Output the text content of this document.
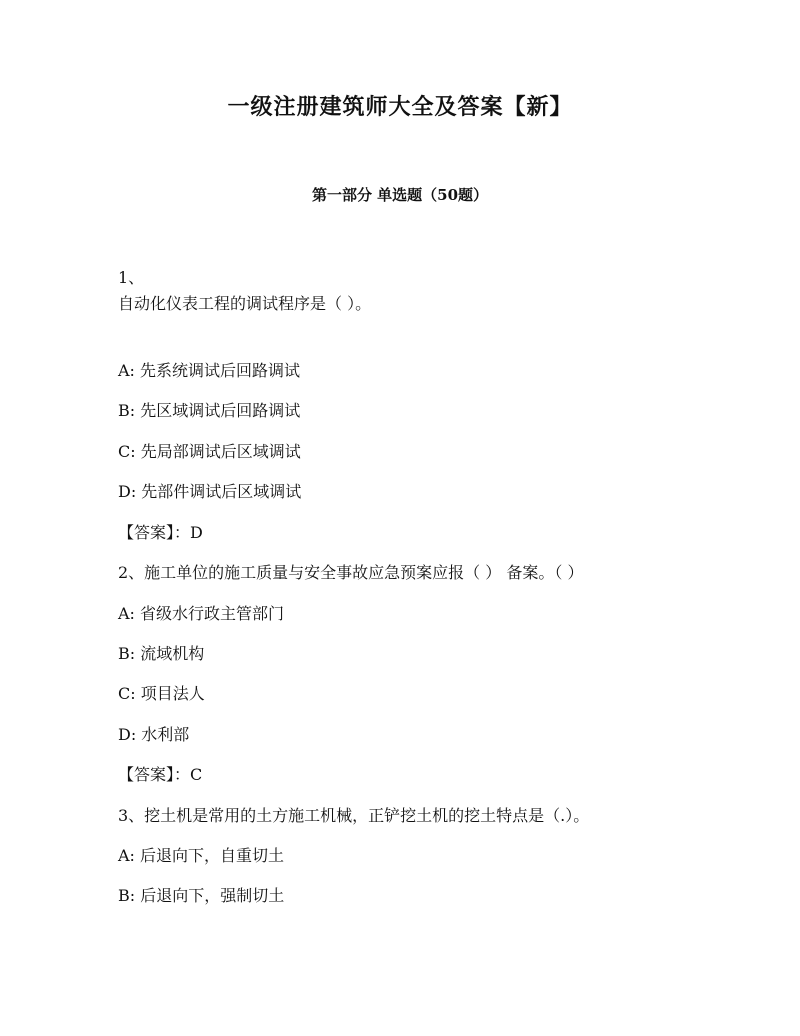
一级注册建筑师大全及答案【新】
第一部分 单选题（50题）
1、
自动化仪表工程的调试程序是（ ）。
A: 先系统调试后回路调试
B: 先区域调试后回路调试
C: 先局部调试后区域调试
D: 先部件调试后区域调试
【答案】：D
2、施工单位的施工质量与安全事故应急预案应报（ ） 备案。（ ）
A: 省级水行政主管部门
B: 流域机构
C: 项目法人
D: 水利部
【答案】：C
3、挖土机是常用的土方施工机械，正铲挖土机的挖土特点是（.）。
A: 后退向下，自重切土
B: 后退向下，强制切土
